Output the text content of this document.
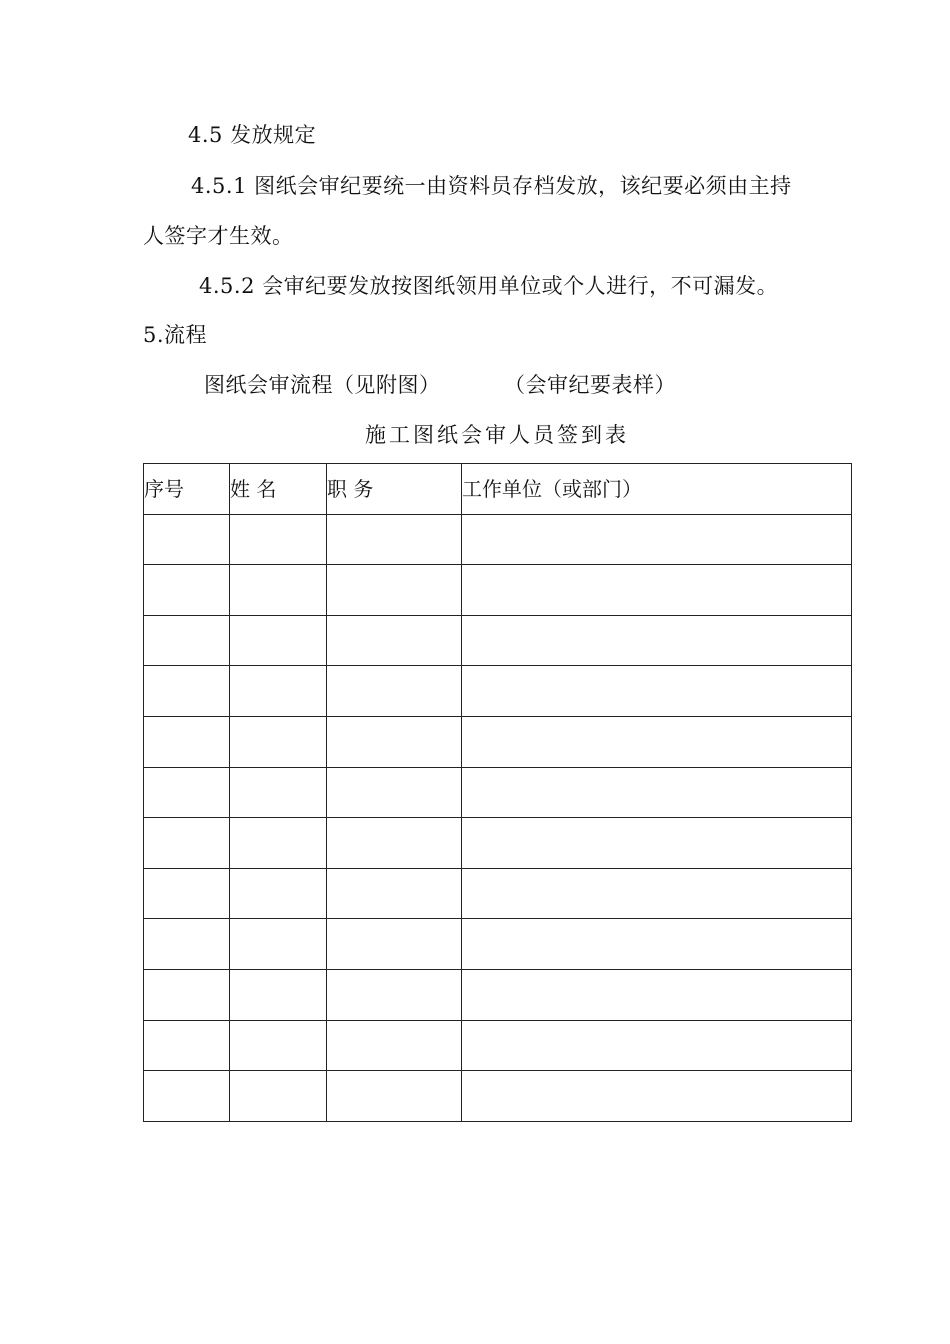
4.5 发放规定
4.5.1 图纸会审纪要统一由资料员存档发放，该纪要必须由主持
人签字才生效。
4.5.2 会审纪要发放按图纸领用单位或个人进行，不可漏发。
5.流程
图纸会审流程（见附图）	（会审纪要表样）
施工图纸会审人员签到表
序号	姓 名	职 务	工作单位（或部门）
